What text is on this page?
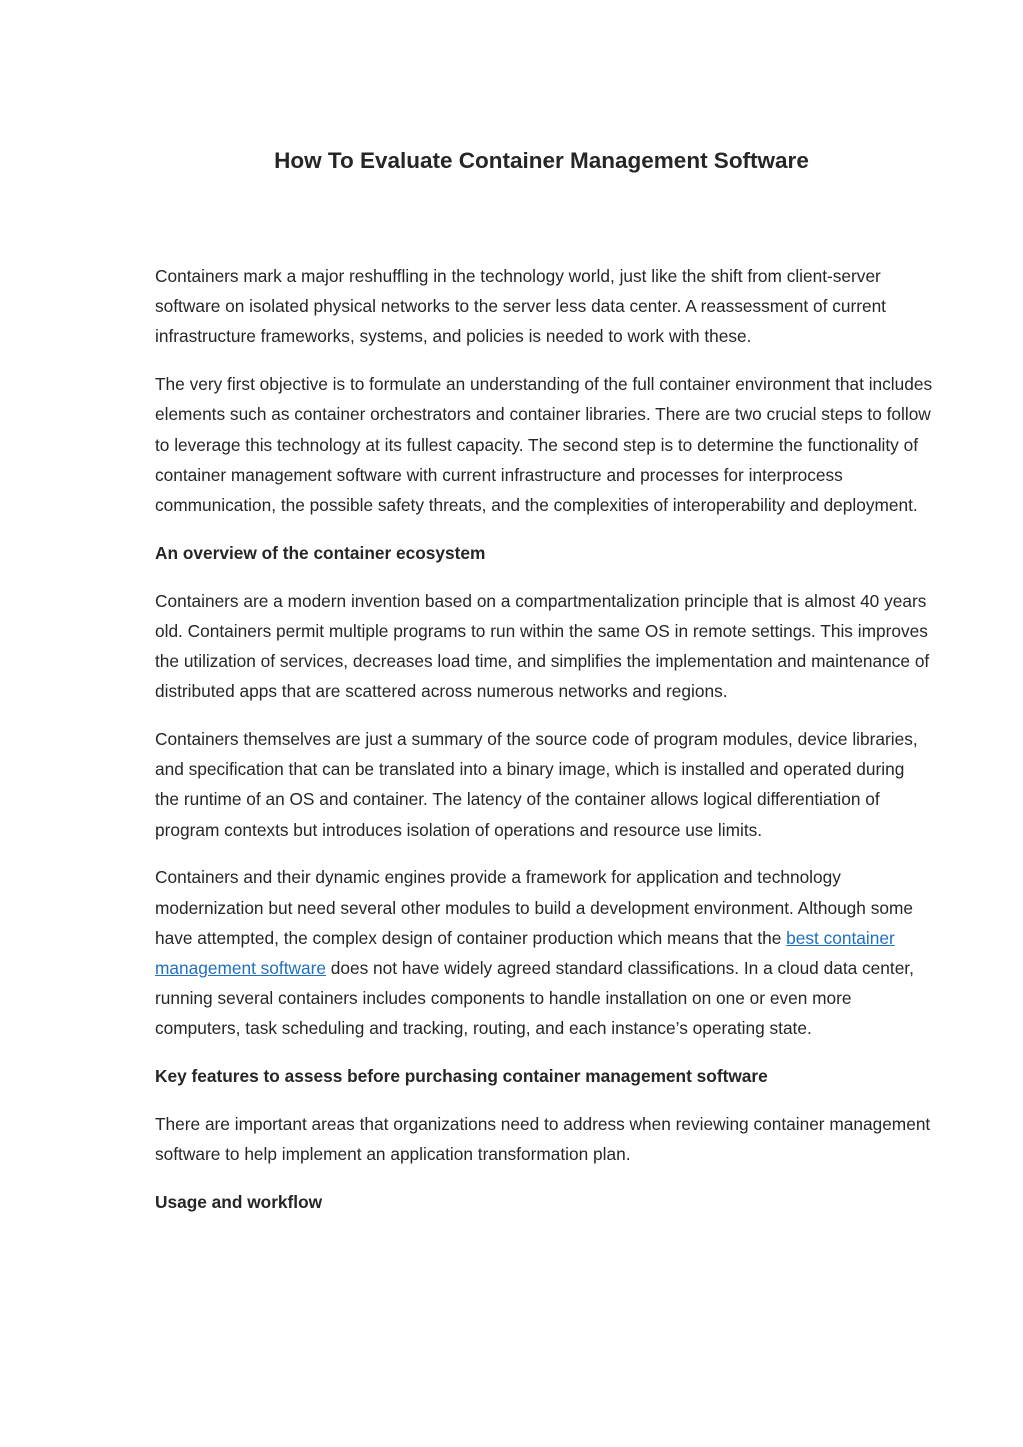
How To Evaluate Container Management Software

Containers mark a major reshuffling in the technology world, just like the shift from client-server software on isolated physical networks to the server less data center. A reassessment of current infrastructure frameworks, systems, and policies is needed to work with these.

The very first objective is to formulate an understanding of the full container environment that includes elements such as container orchestrators and container libraries. There are two crucial steps to follow to leverage this technology at its fullest capacity. The second step is to determine the functionality of container management software with current infrastructure and processes for interprocess communication, the possible safety threats, and the complexities of interoperability and deployment.

An overview of the container ecosystem

Containers are a modern invention based on a compartmentalization principle that is almost 40 years old. Containers permit multiple programs to run within the same OS in remote settings. This improves the utilization of services, decreases load time, and simplifies the implementation and maintenance of distributed apps that are scattered across numerous networks and regions.

Containers themselves are just a summary of the source code of program modules, device libraries, and specification that can be translated into a binary image, which is installed and operated during the runtime of an OS and container. The latency of the container allows logical differentiation of program contexts but introduces isolation of operations and resource use limits.

Containers and their dynamic engines provide a framework for application and technology modernization but need several other modules to build a development environment. Although some have attempted, the complex design of container production which means that the best container management software does not have widely agreed standard classifications. In a cloud data center, running several containers includes components to handle installation on one or even more computers, task scheduling and tracking, routing, and each instance’s operating state.

Key features to assess before purchasing container management software

There are important areas that organizations need to address when reviewing container management software to help implement an application transformation plan.

Usage and workflow
